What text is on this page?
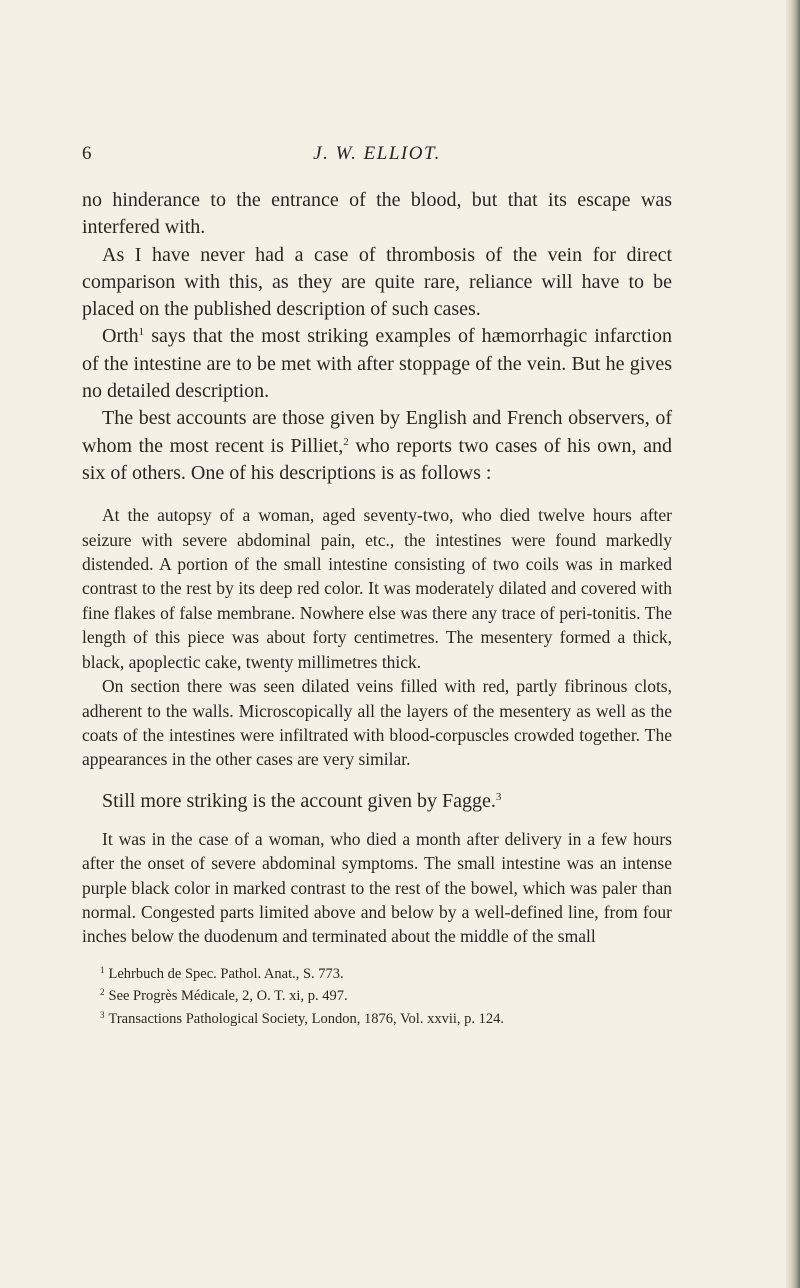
6	J. W. ELLIOT.

no hinderance to the entrance of the blood, but that its escape was interfered with.

As I have never had a case of thrombosis of the vein for direct comparison with this, as they are quite rare, reliance will have to be placed on the published description of such cases.

Orth$^1$ says that the most striking examples of hæmorrhagic infarction of the intestine are to be met with after stoppage of the vein. But he gives no detailed description.

The best accounts are those given by English and French observers, of whom the most recent is Pilliet,$^2$ who reports two cases of his own, and six of others. One of his descriptions is as follows :

At the autopsy of a woman, aged seventy-two, who died twelve hours after seizure with severe abdominal pain, etc., the intestines were found markedly distended. A portion of the small intestine consisting of two coils was in marked contrast to the rest by its deep red color. It was moderately dilated and covered with fine flakes of false membrane. Nowhere else was there any trace of peri-tonitis. The length of this piece was about forty centimetres. The mesentery formed a thick, black, apoplectic cake, twenty millimetres thick.

On section there was seen dilated veins filled with red, partly fibrinous clots, adherent to the walls. Microscopically all the layers of the mesentery as well as the coats of the intestines were infiltrated with blood-corpuscles crowded together. The appearances in the other cases are very similar.

Still more striking is the account given by Fagge.$^3$

It was in the case of a woman, who died a month after delivery in a few hours after the onset of severe abdominal symptoms. The small intestine was an intense purple black color in marked contrast to the rest of the bowel, which was paler than normal. Congested parts limited above and below by a well-defined line, from four inches below the duodenum and terminated about the middle of the small

$^1$ Lehrbuch de Spec. Pathol. Anat., S. 773.

$^2$ See Progrès Médicale, 2, O. T. xi, p. 497.

$^3$ Transactions Pathological Society, London, 1876, Vol. xxvii, p. 124.
